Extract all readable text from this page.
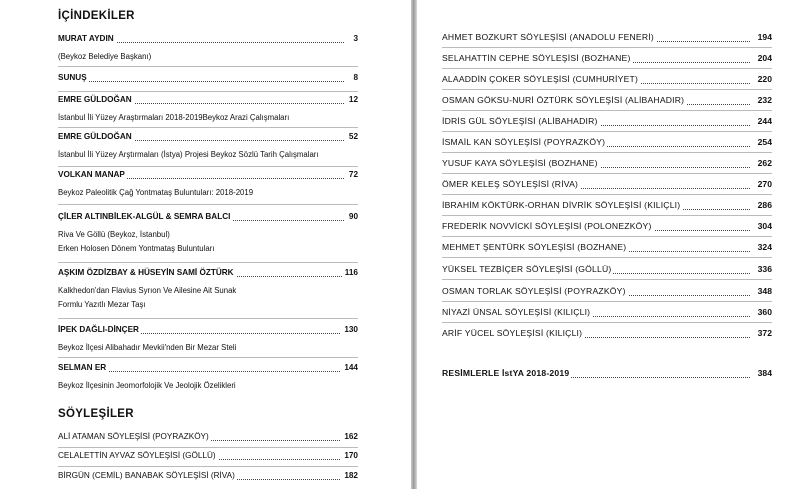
İÇİNDEKİLER
MURAT AYDIN	3
(Beykoz Belediye Başkanı)
SUNUŞ	8
EMRE GÜLDOĞAN	12
İstanbul İli Yüzey Araştırmaları 2018-2019Beykoz Arazi Çalışmaları
EMRE GÜLDOĞAN	52
İstanbul İli Yüzey Arştırmaları (İstya) Projesi Beykoz Sözlü Tarih Çalışmaları
VOLKAN MANAP	72
Beykoz Paleolitik Çağ Yontmataş Buluntuları: 2018-2019
ÇİLER ALTINBİLEK-ALGÜL & SEMRA BALCI	90
Riva Ve Göllü (Beykoz, İstanbul)
Erken Holosen Dönem Yontmataş Buluntuları
AŞKIM ÖZDİZBAY & HÜSEYİN SAMİ ÖZTÜRK	116
Kalkhedon'dan Flavius Syrıon Ve Ailesine Ait Sunak
Formlu Yazıtlı Mezar Taşı
İPEK DAĞLI-DİNÇER	130
Beykoz İlçesi Alibahadır Mevkii'nden Bir Mezar Steli
SELMAN ER	144
Beykoz İlçesinin Jeomorfolojik Ve Jeolojik Özelikleri
SÖYLEŞİLER
ALİ ATAMAN SÖYLEŞİSİ (POYRAZKÖY)	162
CELALETTİN AYVAZ SÖYLEŞİSİ (GÖLLÜ)	170
BİRGÜN (CEMİL) BANABAK SÖYLEŞİSİ (RİVA)	182
AHMET BOZKURT SÖYLEŞİSİ (ANADOLU FENERİ)	194
SELAHATTİN CEPHE SÖYLEŞİSİ (BOZHANE)	204
ALAADDİN ÇOKER SÖYLEŞİSİ (CUMHURİYET)	220
OSMAN GÖKSU-NURİ ÖZTÜRK SÖYLEŞİSİ (ALİBAHADIR)	232
İDRİS GÜL SÖYLEŞİSİ (ALİBAHADIR)	244
İSMAİL KAN SÖYLEŞİSİ (POYRAZKÖY)	254
YUSUF KAYA SÖYLEŞİSİ (BOZHANE)	262
ÖMER KELEŞ SÖYLEŞİSİ (RİVA)	270
İBRAHİM KÖKTÜRK-ORHAN DİVRİK SÖYLEŞİSİ (KILIÇLI)	286
FREDERİK NOVVİCKİ SÖYLEŞİSİ (POLONEZKÖY)	304
MEHMET ŞENTÜRK SÖYLEŞİSİ (BOZHANE)	324
YÜKSEL TEZBİÇER SÖYLEŞİSİ (GÖLLÜ)	336
OSMAN TORLAK SÖYLEŞİSİ (POYRAZKÖY)	348
NİYAZİ ÜNSAL SÖYLEŞİSİ (KILIÇLI)	360
ARİF YÜCEL SÖYLEŞİSİ (KILIÇLI)	372
RESİMLERLE İstYA 2018-2019	384
